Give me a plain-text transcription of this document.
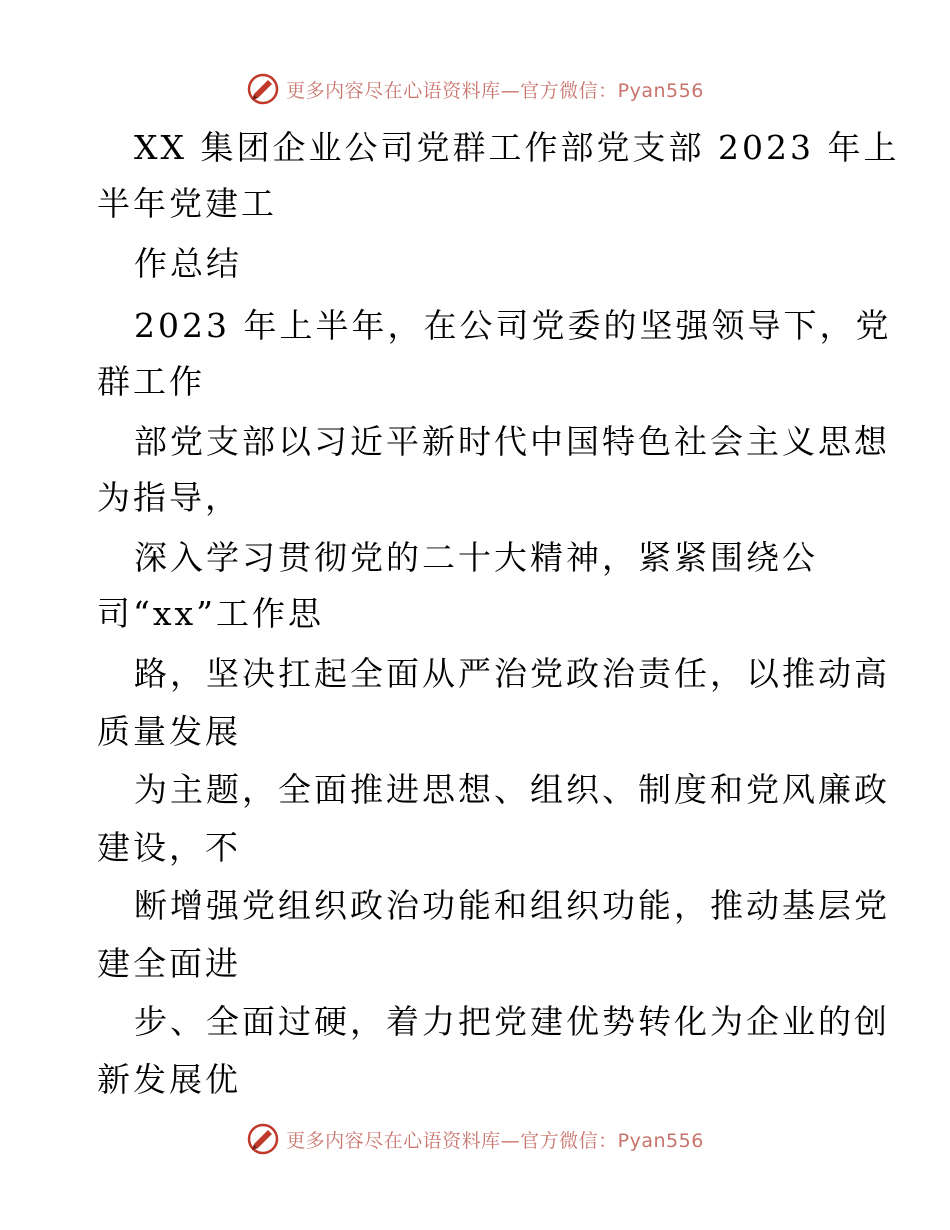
更多内容尽在心语资料库—官方微信：Pyan556
XX 集团企业公司党群工作部党支部 2023 年上
半年党建工
作总结
2023 年上半年，在公司党委的坚强领导下，党
群工作
部党支部以习近平新时代中国特色社会主义思想
为指导，
深入学习贯彻党的二十大精神，紧紧围绕公
司“xx”工作思
路，坚决扛起全面从严治党政治责任，以推动高
质量发展
为主题，全面推进思想、组织、制度和党风廉政
建设，不
断增强党组织政治功能和组织功能，推动基层党
建全面进
步、全面过硬，着力把党建优势转化为企业的创
新发展优
更多内容尽在心语资料库—官方微信：Pyan556
